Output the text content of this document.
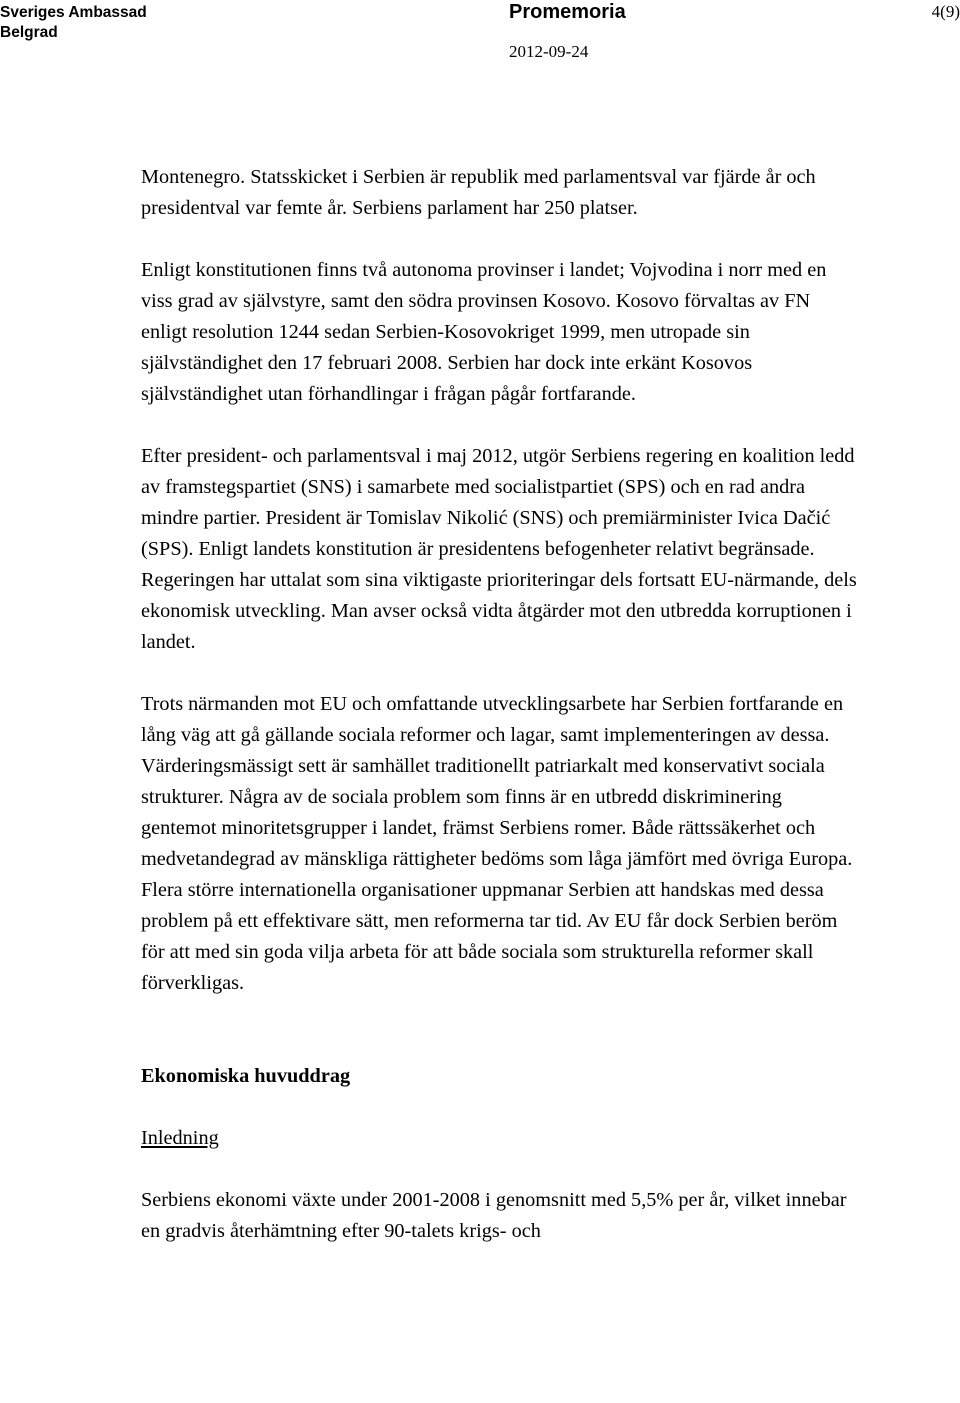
Sveriges Ambassad
Belgrad
Promemoria	4(9)
2012-09-24

Montenegro. Statsskicket i Serbien är republik med parlamentsval var fjärde år och presidentval var femte år. Serbiens parlament har 250 platser.

Enligt konstitutionen finns två autonoma provinser i landet; Vojvodina i norr med en viss grad av självstyre, samt den södra provinsen Kosovo. Kosovo förvaltas av FN enligt resolution 1244 sedan Serbien-Kosovokriget 1999, men utropade sin självständighet den 17 februari 2008. Serbien har dock inte erkänt Kosovos självständighet utan förhandlingar i frågan pågår fortfarande.

Efter president- och parlamentsval i maj 2012, utgör Serbiens regering en koalition ledd av framstegspartiet (SNS) i samarbete med socialistpartiet (SPS) och en rad andra mindre partier. President är Tomislav Nikolić (SNS) och premiärminister Ivica Dačić (SPS). Enligt landets konstitution är presidentens befogenheter relativt begränsade. Regeringen har uttalat som sina viktigaste prioriteringar dels fortsatt EU-närmande, dels ekonomisk utveckling. Man avser också vidta åtgärder mot den utbredda korruptionen i landet.

Trots närmanden mot EU och omfattande utvecklingsarbete har Serbien fortfarande en lång väg att gå gällande sociala reformer och lagar, samt implementeringen av dessa. Värderingsmässigt sett är samhället traditionellt patriarkalt med konservativt sociala strukturer. Några av de sociala problem som finns är en utbredd diskriminering gentemot minoritetsgrupper i landet, främst Serbiens romer. Både rättssäkerhet och medvetandegrad av mänskliga rättigheter bedöms som låga jämfört med övriga Europa. Flera större internationella organisationer uppmanar Serbien att handskas med dessa problem på ett effektivare sätt, men reformerna tar tid. Av EU får dock Serbien beröm för att med sin goda vilja arbeta för att både sociala som strukturella reformer skall förverkligas.

Ekonomiska huvuddrag

Inledning

Serbiens ekonomi växte under 2001-2008 i genomsnitt med 5,5% per år, vilket innebar en gradvis återhämtning efter 90-talets krigs- och
